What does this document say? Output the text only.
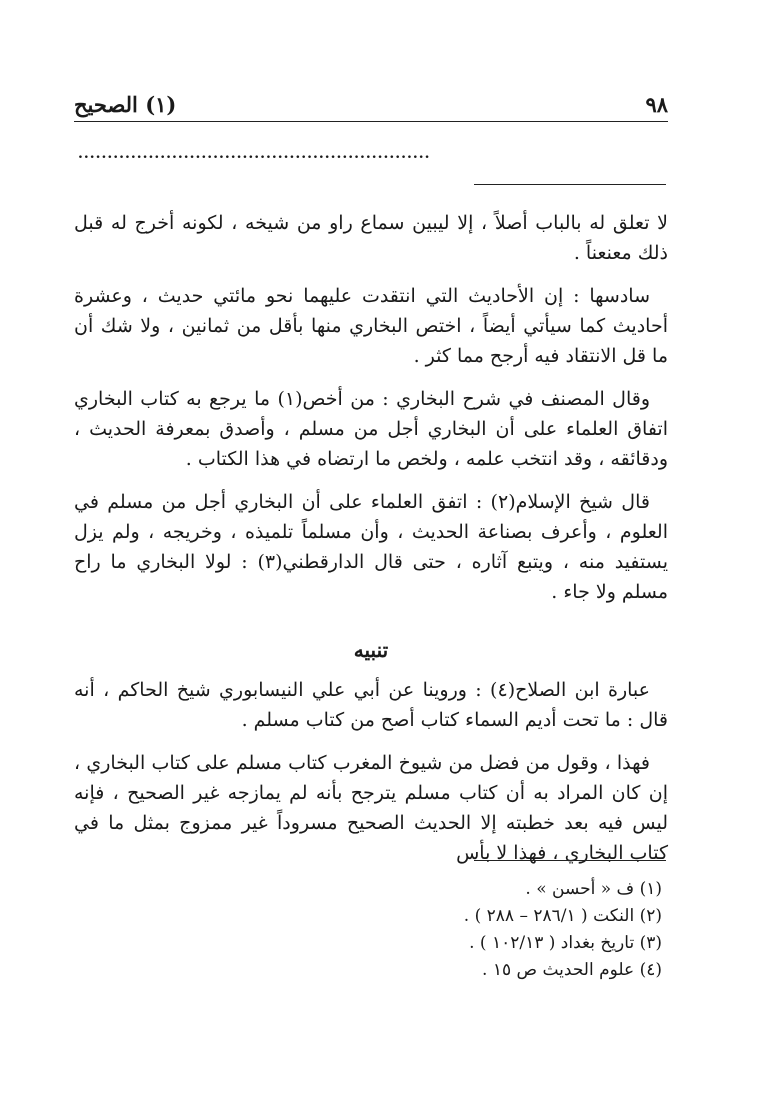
٩٨
(١) الصحيح
............................................................

لا تعلق له بالباب أصلاً ، إلا ليبين سماع راو من شيخه ، لكونه أخرج له قبل ذلك معنعناً .

سادسها : إن الأحاديث التي انتقدت عليهما نحو مائتي حديث ، وعشرة أحاديث كما سيأتي أيضاً ، اختص البخاري منها بأقل من ثمانين ، ولا شك أن ما قل الانتقاد فيه أرجح مما كثر .

وقال المصنف في شرح البخاري : من أخص(١) ما يرجع به كتاب البخاري اتفاق العلماء على أن البخاري أجل من مسلم ، وأصدق بمعرفة الحديث ، ودقائقه ، وقد انتخب علمه ، ولخص ما ارتضاه في هذا الكتاب .

قال شيخ الإسلام(٢) : اتفق العلماء على أن البخاري أجل من مسلم في العلوم ، وأعرف بصناعة الحديث ، وأن مسلماً تلميذه ، وخريجه ، ولم يزل يستفيد منه ، ويتبع آثاره ، حتى قال الدارقطني(٣) : لولا البخاري ما راح مسلم ولا جاء .

تنبيه

عبارة ابن الصلاح(٤) : وروينا عن أبي علي النيسابوري شيخ الحاكم ، أنه قال : ما تحت أديم السماء كتاب أصح من كتاب مسلم .

فهذا ، وقول من فضل من شيوخ المغرب كتاب مسلم على كتاب البخاري ، إن كان المراد به أن كتاب مسلم يترجح بأنه لم يمازجه غير الصحيح ، فإنه ليس فيه بعد خطبته إلا الحديث الصحيح مسروداً غير ممزوج بمثل ما في كتاب البخاري ، فهذا لا بأس

(١) ف « أحسن » .
(٢) النكت ( ٢٨٦/١ – ٢٨٨ ) .
(٣) تاريخ بغداد ( ١٠٢/١٣ ) .
(٤) علوم الحديث ص ١٥ .
